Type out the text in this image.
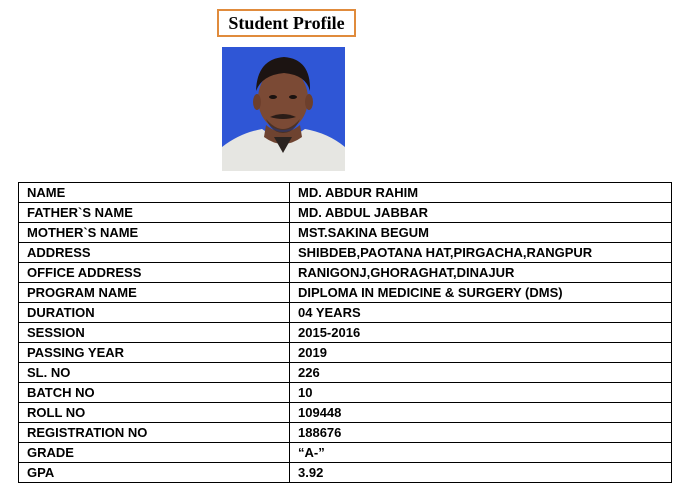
Student Profile
NAME	MD. ABDUR RAHIM
FATHER`S NAME	MD. ABDUL JABBAR
MOTHER`S NAME	MST.SAKINA BEGUM
ADDRESS	SHIBDEB,PAOTANA HAT,PIRGACHA,RANGPUR
OFFICE ADDRESS	RANIGONJ,GHORAGHAT,DINAJUR
PROGRAM NAME	DIPLOMA IN MEDICINE & SURGERY (DMS)
DURATION	04 YEARS
SESSION	2015-2016
PASSING YEAR	2019
SL. NO	226
BATCH NO	10
ROLL NO	109448
REGISTRATION NO	188676
GRADE	“A-”
GPA	3.92
